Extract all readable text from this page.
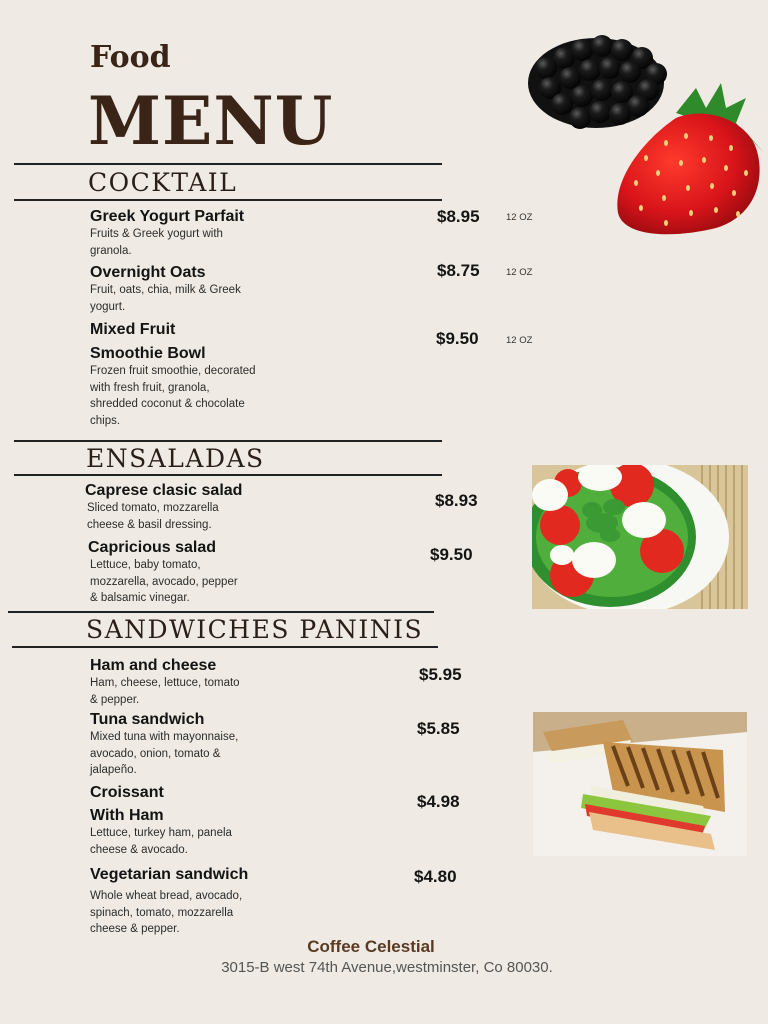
Food
MENU
COCKTAIL
Greek Yogurt Parfait
Fruits & Greek yogurt with
granola.
$8.95	12 OZ
Overnight Oats
Fruit, oats, chia, milk & Greek
yogurt.
$8.75	12 OZ
Mixed Fruit
Smoothie Bowl
Frozen fruit smoothie, decorated
with fresh fruit, granola,
shredded coconut & chocolate
chips.
$9.50	12 OZ
ENSALADAS
Caprese clasic salad
Sliced tomato, mozzarella
cheese & basil dressing.
$8.93
Capricious salad
Lettuce, baby tomato,
mozzarella, avocado, pepper
& balsamic vinegar.
$9.50
SANDWICHES PANINIS
Ham and cheese
Ham, cheese, lettuce, tomato
& pepper.
$5.95
Tuna sandwich
Mixed tuna with mayonnaise,
avocado, onion, tomato &
jalapeño.
$5.85
Croissant
With Ham
Lettuce, turkey ham, panela
cheese & avocado.
$4.98
Vegetarian sandwich
Whole wheat bread, avocado,
spinach, tomato, mozzarella
cheese & pepper.
$4.80
Coffee Celestial
3015-B west 74th Avenue,westminster, Co 80030.
